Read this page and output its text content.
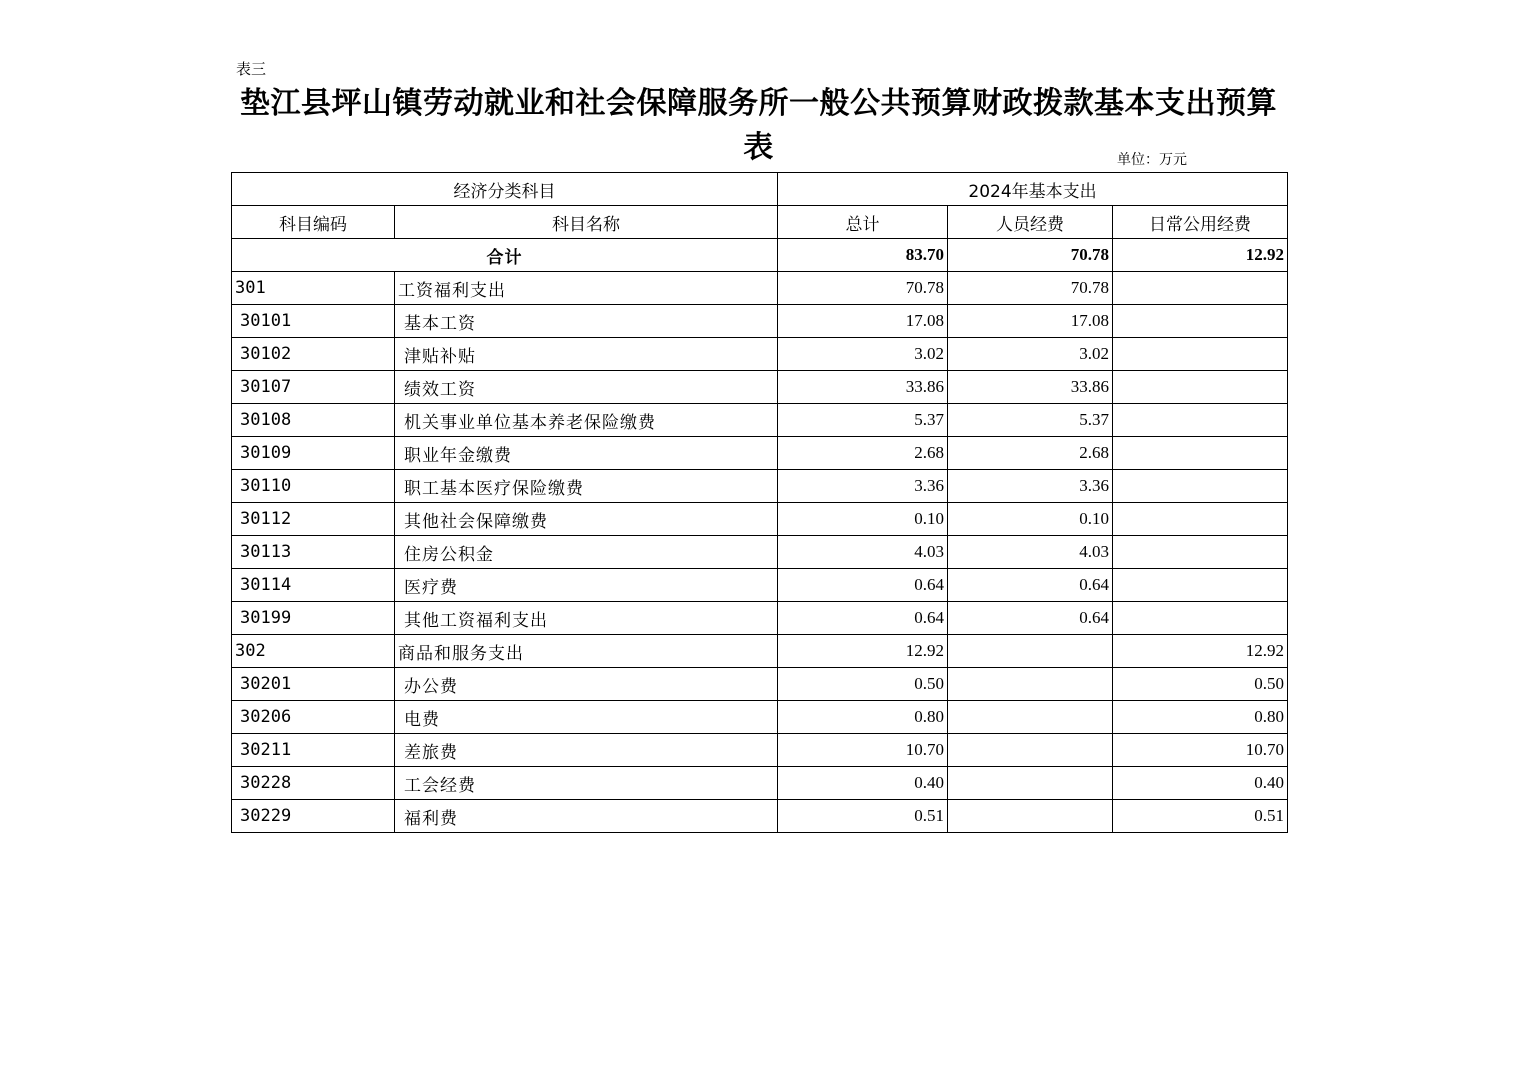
表三
垫江县坪山镇劳动就业和社会保障服务所一般公共预算财政拨款基本支出预算表	单位：万元
经济分类科目		2024年基本支出		
科目编码	科目名称	总计	人员经费	日常公用经费
合计		83.70	70.78	12.92
301	工资福利支出	70.78	70.78	
30101	基本工资	17.08	17.08	
30102	津贴补贴	3.02	3.02	
30107	绩效工资	33.86	33.86	
30108	机关事业单位基本养老保险缴费	5.37	5.37	
30109	职业年金缴费	2.68	2.68	
30110	职工基本医疗保险缴费	3.36	3.36	
30112	其他社会保障缴费	0.10	0.10	
30113	住房公积金	4.03	4.03	
30114	医疗费	0.64	0.64	
30199	其他工资福利支出	0.64	0.64	
302	商品和服务支出	12.92		12.92
30201	办公费	0.50		0.50
30206	电费	0.80		0.80
30211	差旅费	10.70		10.70
30228	工会经费	0.40		0.40
30229	福利费	0.51		0.51
